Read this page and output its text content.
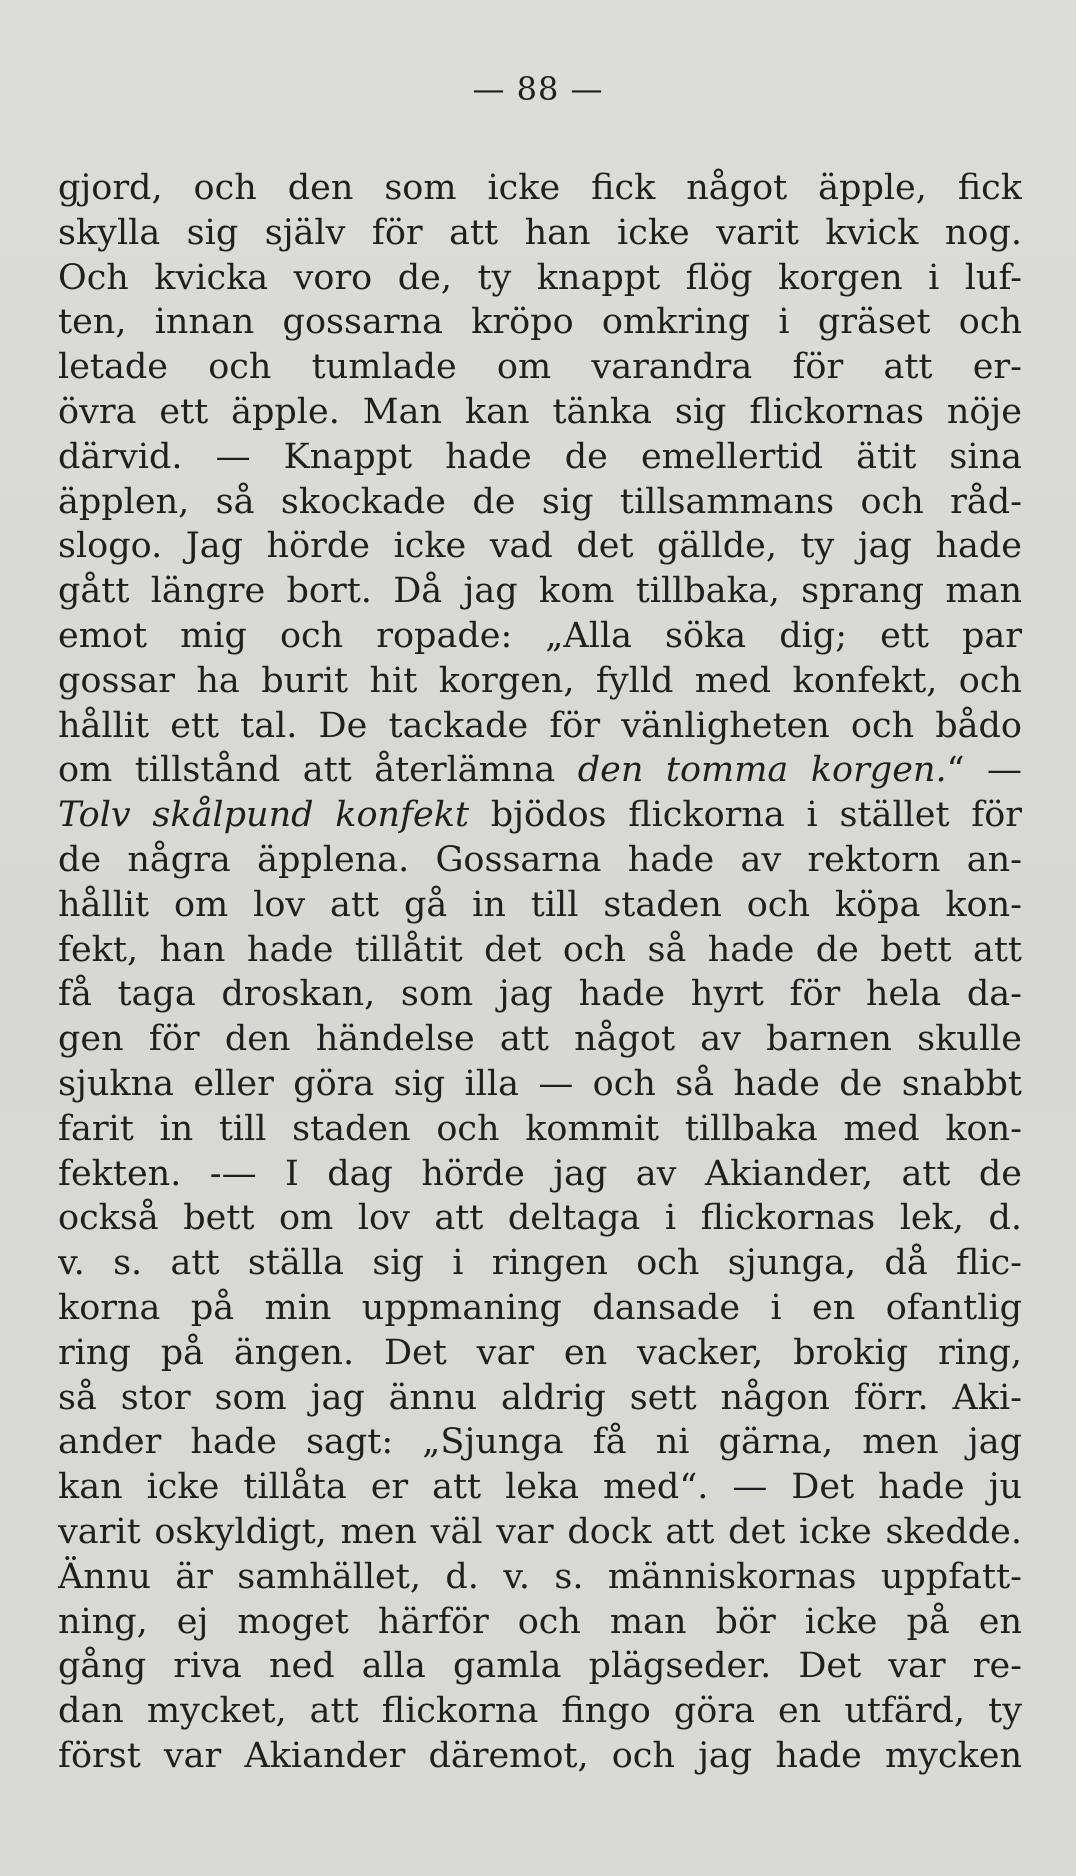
— 88 —
gjord, och den som icke fick något äpple, fick
skylla sig själv för att han icke varit kvick nog.
Och kvicka voro de, ty knappt flög korgen i luf-
ten, innan gossarna kröpo omkring i gräset och
letade och tumlade om varandra för att er-
övra ett äpple. Man kan tänka sig flickornas nöje
därvid. — Knappt hade de emellertid ätit sina
äpplen, så skockade de sig tillsammans och råd-
slogo. Jag hörde icke vad det gällde, ty jag hade
gått längre bort. Då jag kom tillbaka, sprang man
emot mig och ropade: „Alla söka dig; ett par
gossar ha burit hit korgen, fylld med konfekt, och
hållit ett tal. De tackade för vänligheten och bådo
om tillstånd att återlämna den tomma korgen.“ —
Tolv skålpund konfekt bjödos flickorna i stället för
de några äpplena. Gossarna hade av rektorn an-
hållit om lov att gå in till staden och köpa kon-
fekt, han hade tillåtit det och så hade de bett att
få taga droskan, som jag hade hyrt för hela da-
gen för den händelse att något av barnen skulle
sjukna eller göra sig illa — och så hade de snabbt
farit in till staden och kommit tillbaka med kon-
fekten. -— I dag hörde jag av Akiander, att de
också bett om lov att deltaga i flickornas lek, d.
v. s. att ställa sig i ringen och sjunga, då flic-
korna på min uppmaning dansade i en ofantlig
ring på ängen. Det var en vacker, brokig ring,
så stor som jag ännu aldrig sett någon förr. Aki-
ander hade sagt: „Sjunga få ni gärna, men jag
kan icke tillåta er att leka med“. — Det hade ju
varit oskyldigt, men väl var dock att det icke skedde.
Ännu är samhället, d. v. s. människornas uppfatt-
ning, ej moget härför och man bör icke på en
gång riva ned alla gamla plägseder. Det var re-
dan mycket, att flickorna fingo göra en utfärd, ty
först var Akiander däremot, och jag hade mycken
